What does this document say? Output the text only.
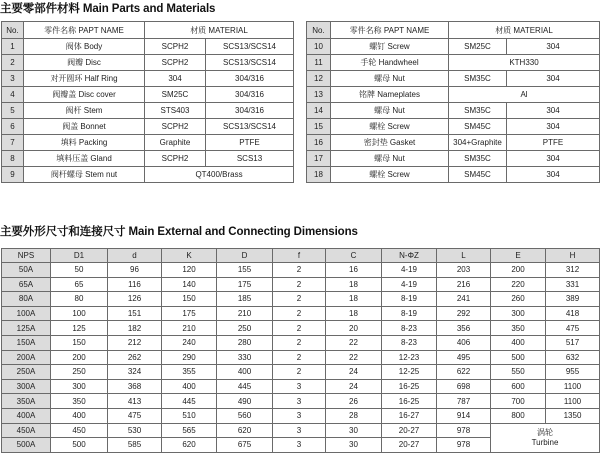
主要零部件材料 Main Parts and Materials
No.	零件名称 PAPT NAME	材质 MATERIAL	
1	阀体 Body	SCPH2	SCS13/SCS14
2	阀瓣 Disc	SCPH2	SCS13/SCS14
3	对开圆环 Half Ring	304	304/316
4	阀瓣盖 Disc cover	SM25C	304/316
5	阀杆 Stem	STS403	304/316
6	阀盖 Bonnet	SCPH2	SCS13/SCS14
7	填料 Packing	Graphite	PTFE
8	填料压盖 Gland	SCPH2	SCS13
9	阀杆螺母 Stem nut	QT400/Brass	
No.	零件名称 PAPT NAME	材质 MATERIAL	
10	螺钉 Screw	SM25C	304
11	手轮 Handwheel	KTH330	
12	螺母 Nut	SM35C	304
13	铭牌 Nameplates	Al	
14	螺母 Nut	SM35C	304
15	螺栓 Screw	SM45C	304
16	密封垫 Gasket	304+Graphite	PTFE
17	螺母 Nut	SM35C	304
18	螺栓 Screw	SM45C	304
主要外形尺寸和连接尺寸 Main External and Connecting Dimensions
NPS	D1	d	K	D	f	C	N-ΦZ	L	E	H
50A	50	96	120	155	2	16	4-19	203	200	312
65A	65	116	140	175	2	18	4-19	216	220	331
80A	80	126	150	185	2	18	8-19	241	260	389
100A	100	151	175	210	2	18	8-19	292	300	418
125A	125	182	210	250	2	20	8-23	356	350	475
150A	150	212	240	280	2	22	8-23	406	400	517
200A	200	262	290	330	2	22	12-23	495	500	632
250A	250	324	355	400	2	24	12-25	622	550	955
300A	300	368	400	445	3	24	16-25	698	600	1100
350A	350	413	445	490	3	26	16-25	787	700	1100
400A	400	475	510	560	3	28	16-27	914	800	1350
450A	450	530	565	620	3	30	20-27	978	涡轮
Turbine	

500A	500	585	620	675	3	30	20-27	978		
